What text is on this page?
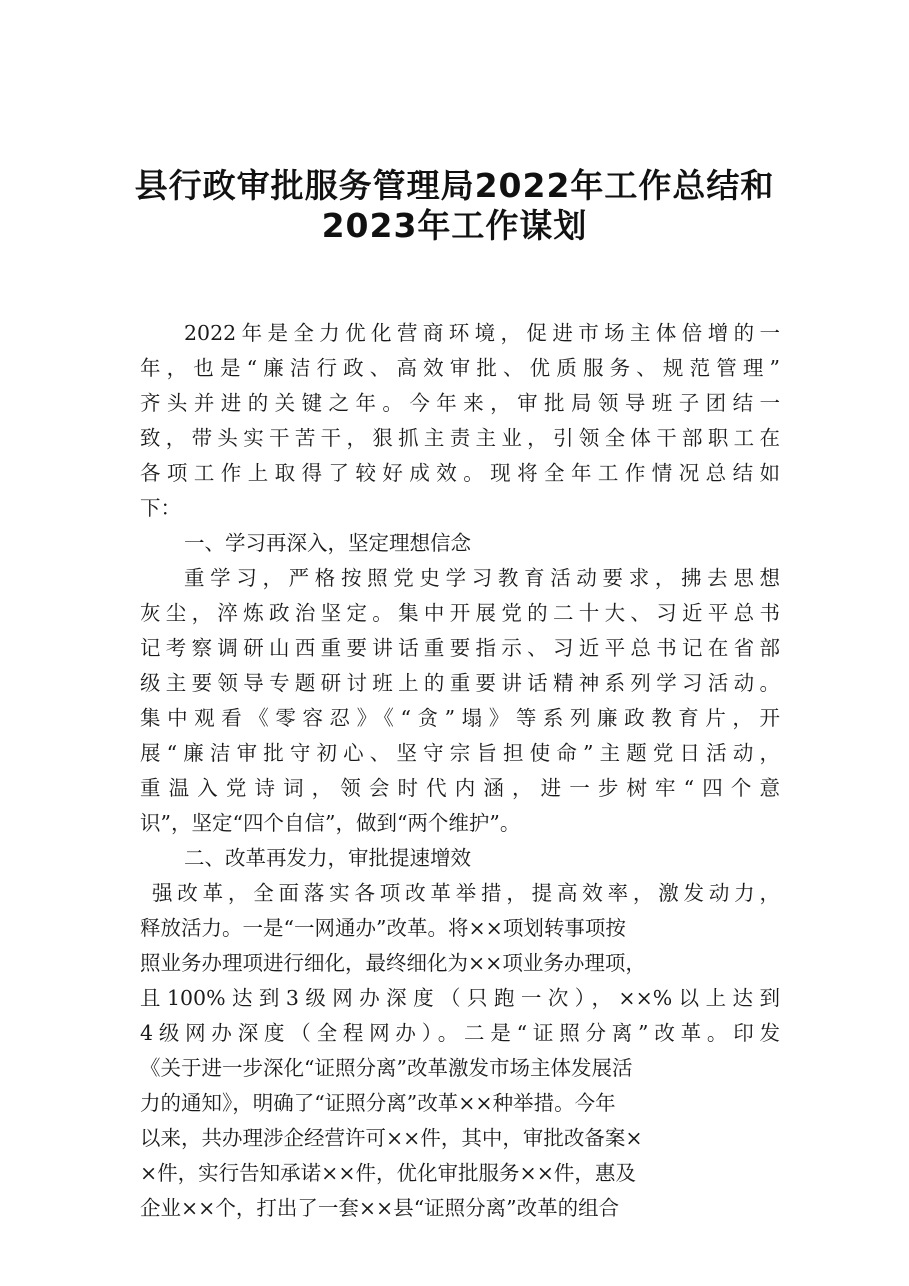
县行政审批服务管理局2022年工作总结和
2023年工作谋划
2022年是全力优化营商环境，促进市场主体倍增的一
年，也是“廉洁行政、高效审批、优质服务、规范管理”
齐头并进的关键之年。今年来，审批局领导班子团结一
致，带头实干苦干，狠抓主责主业，引领全体干部职工在
各项工作上取得了较好成效。现将全年工作情况总结如
下：
一、学习再深入，坚定理想信念
重学习，严格按照党史学习教育活动要求，拂去思想
灰尘，淬炼政治坚定。集中开展党的二十大、习近平总书
记考察调研山西重要讲话重要指示、习近平总书记在省部
级主要领导专题研讨班上的重要讲话精神系列学习活动。
集中观看《零容忍》《“贪”塌》等系列廉政教育片，开
展“廉洁审批守初心、坚守宗旨担使命”主题党日活动，
重温入党诗词，领会时代内涵，进一步树牢“四个意
识”，坚定“四个自信”，做到“两个维护”。
二、改革再发力，审批提速增效
强改革，全面落实各项改革举措，提高效率，激发动力，
释放活力。一是“一网通办”改革。将××项划转事项按
照业务办理项进行细化，最终细化为××项业务办理项，
且100%达到3级网办深度（只跑一次），××%以上达到
4级网办深度（全程网办）。二是“证照分离”改革。印发
《关于进一步深化“证照分离”改革激发市场主体发展活
力的通知》，明确了“证照分离”改革××种举措。今年
以来，共办理涉企经营许可××件，其中，审批改备案×
×件，实行告知承诺××件，优化审批服务××件，惠及
企业××个，打出了一套××县“证照分离”改革的组合
